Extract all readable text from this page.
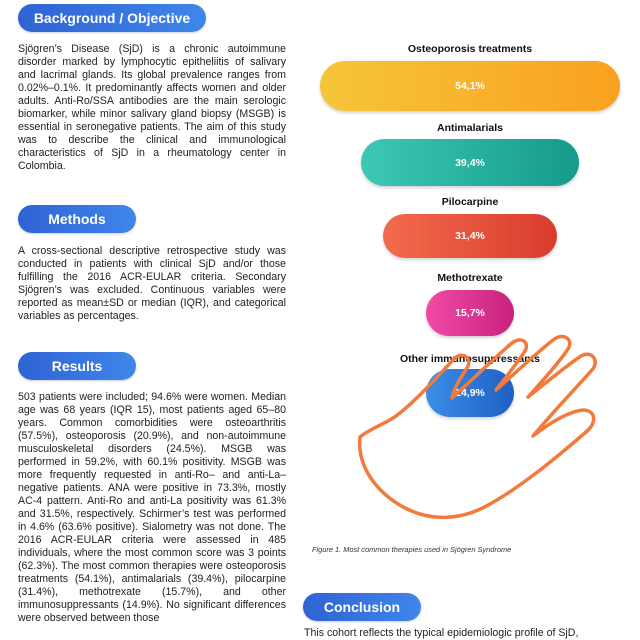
Background / Objective

Sjögren’s Disease (SjD) is a chronic autoimmune disorder marked by lymphocytic epitheliitis of salivary and lacrimal glands. Its global prevalence ranges from 0.02%–0.1%. It predominantly affects women and older adults. Anti-Ro/SSA antibodies are the main serologic biomarker, while minor salivary gland biopsy (MSGB) is essential in seronegative patients. The aim of this study was to describe the clinical and immunological characteristics of SjD in a rheumatology center in Colombia.

Methods

A cross-sectional descriptive retrospective study was conducted in patients with clinical SjD and/or those fulfilling the 2016 ACR-EULAR criteria. Secondary Sjögren’s was excluded. Continuous variables were reported as mean±SD or median (IQR), and categorical variables as percentages.

Results

503 patients were included; 94.6% were women. Median age was 68 years (IQR 15), most patients aged 65–80 years. Common comorbidities were osteoarthritis (57.5%), osteoporosis (20.9%), and non-autoimmune musculoskeletal disorders (24.5%). MSGB was performed in 59.2%, with 60.1% positivity. MSGB was more frequently requested in anti-Ro– and anti-La–negative patients. ANA were positive in 73.3%, mostly AC-4 pattern. Anti-Ro and anti-La positivity was 61.3% and 31.5%, respectively. Schirmer’s test was performed in 4.6% (63.6% positive). Sialometry was not done. The 2016 ACR-EULAR criteria were assessed in 485 individuals, where the most common score was 3 points (62.3%). The most common therapies were osteoporosis treatments (54.1%), antimalarials (39.4%), pilocarpine (31.4%), methotrexate (15.7%), and other immunosuppressants (14.9%). No significant differences were observed between those

Osteoporosis treatments
54,1%
Antimalarials
39,4%
Pilocarpine
31,4%
Methotrexate
15,7%
Other immunosuppressants
14,9%
Figure 1. Most common therapies used in Sjögren Syndrome
Conclusion

This cohort reflects the typical epidemiologic profile of SjD,
